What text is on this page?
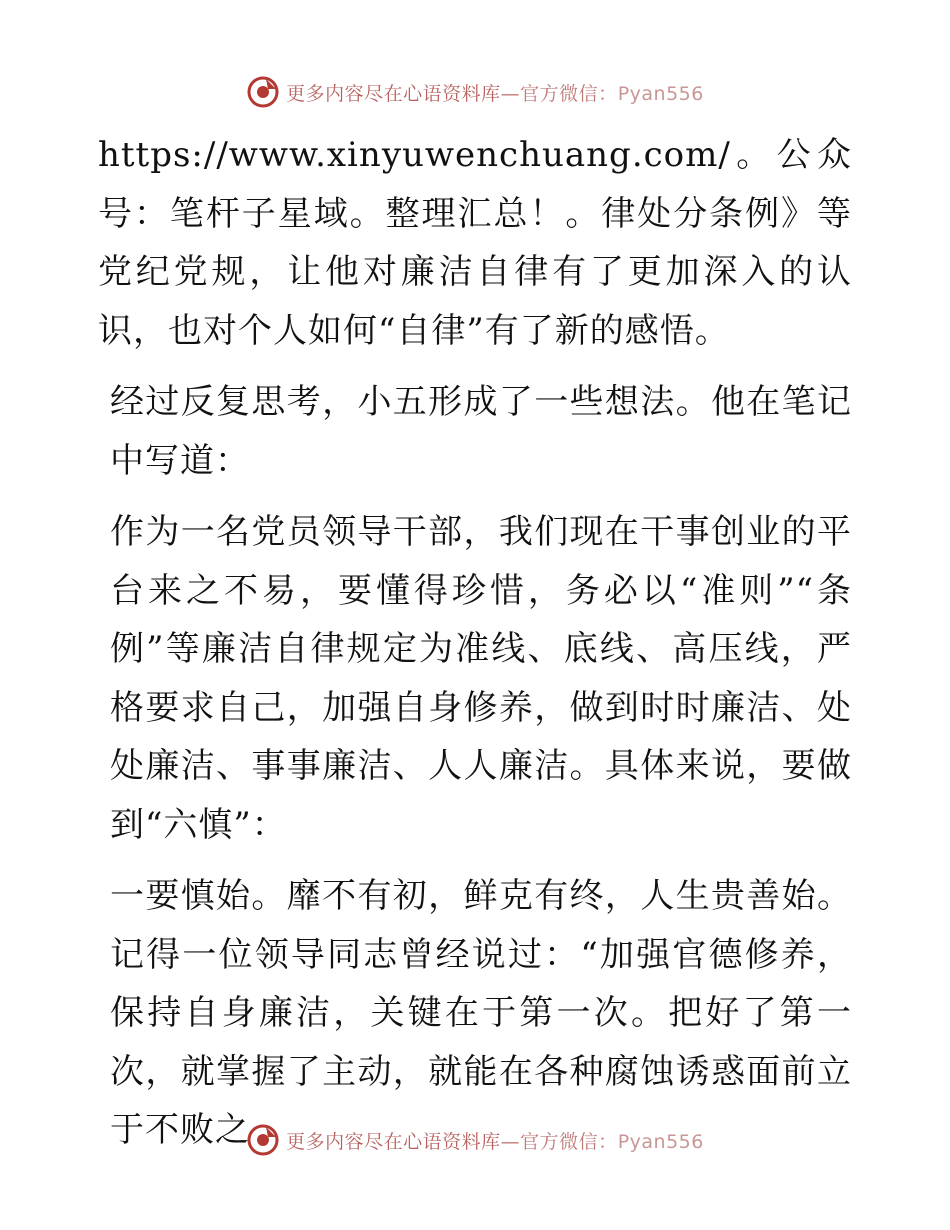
更多内容尽在心语资料库—官方微信：Pyan556

https://www.xinyuwenchuang.com/。公众号：笔杆子星域。整理汇总！。律处分条例》等党纪党规，让他对廉洁自律有了更加深入的认识，也对个人如何“自律”有了新的感悟。

经过反复思考，小五形成了一些想法。他在笔记中写道：

作为一名党员领导干部，我们现在干事创业的平台来之不易，要懂得珍惜，务必以“准则”“条例”等廉洁自律规定为准线、底线、高压线，严格要求自己，加强自身修养，做到时时廉洁、处处廉洁、事事廉洁、人人廉洁。具体来说，要做到“六慎”：

一要慎始。靡不有初，鲜克有终，人生贵善始。记得一位领导同志曾经说过：“加强官德修养，保持自身廉洁，关键在于第一次。把好了第一次，就掌握了主动，就能在各种腐蚀诱惑面前立于不败之	更多内容尽在心语资料库—官方微信：Pyan556
